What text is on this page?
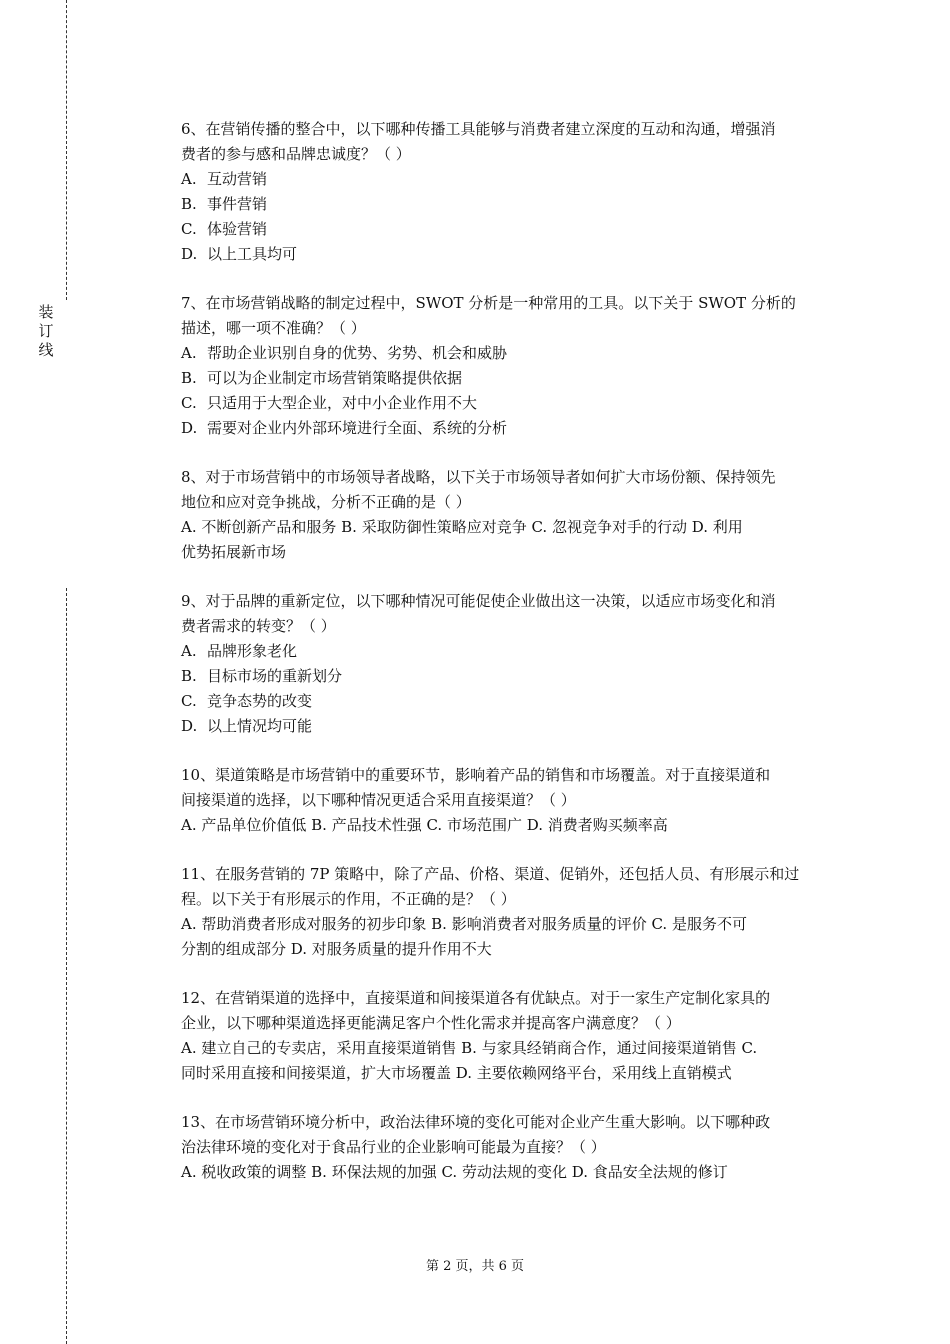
装
订
线
6、在营销传播的整合中，以下哪种传播工具能够与消费者建立深度的互动和沟通，增强消
费者的参与感和品牌忠诚度？（ ）
A. 互动营销
B. 事件营销
C. 体验营销
D. 以上工具均可
7、在市场营销战略的制定过程中，SWOT 分析是一种常用的工具。以下关于 SWOT 分析的
描述，哪一项不准确？（ ）
A. 帮助企业识别自身的优势、劣势、机会和威胁
B. 可以为企业制定市场营销策略提供依据
C. 只适用于大型企业，对中小企业作用不大
D. 需要对企业内外部环境进行全面、系统的分析
8、对于市场营销中的市场领导者战略，以下关于市场领导者如何扩大市场份额、保持领先
地位和应对竞争挑战，分析不正确的是（ ）
A. 不断创新产品和服务 B. 采取防御性策略应对竞争 C. 忽视竞争对手的行动 D. 利用
优势拓展新市场
9、对于品牌的重新定位，以下哪种情况可能促使企业做出这一决策，以适应市场变化和消
费者需求的转变？（ ）
A. 品牌形象老化
B. 目标市场的重新划分
C. 竞争态势的改变
D. 以上情况均可能
10、渠道策略是市场营销中的重要环节，影响着产品的销售和市场覆盖。对于直接渠道和
间接渠道的选择，以下哪种情况更适合采用直接渠道？（ ）
A. 产品单位价值低 B. 产品技术性强 C. 市场范围广 D. 消费者购买频率高
11、在服务营销的 7P 策略中，除了产品、价格、渠道、促销外，还包括人员、有形展示和过
程。以下关于有形展示的作用，不正确的是？（ ）
A. 帮助消费者形成对服务的初步印象 B. 影响消费者对服务质量的评价 C. 是服务不可
分割的组成部分 D. 对服务质量的提升作用不大
12、在营销渠道的选择中，直接渠道和间接渠道各有优缺点。对于一家生产定制化家具的
企业，以下哪种渠道选择更能满足客户个性化需求并提高客户满意度？（ ）
A. 建立自己的专卖店，采用直接渠道销售 B. 与家具经销商合作，通过间接渠道销售 C.
同时采用直接和间接渠道，扩大市场覆盖 D. 主要依赖网络平台，采用线上直销模式
13、在市场营销环境分析中，政治法律环境的变化可能对企业产生重大影响。以下哪种政
治法律环境的变化对于食品行业的企业影响可能最为直接？（ ）
A. 税收政策的调整 B. 环保法规的加强 C. 劳动法规的变化 D. 食品安全法规的修订
第 2 页，共 6 页
